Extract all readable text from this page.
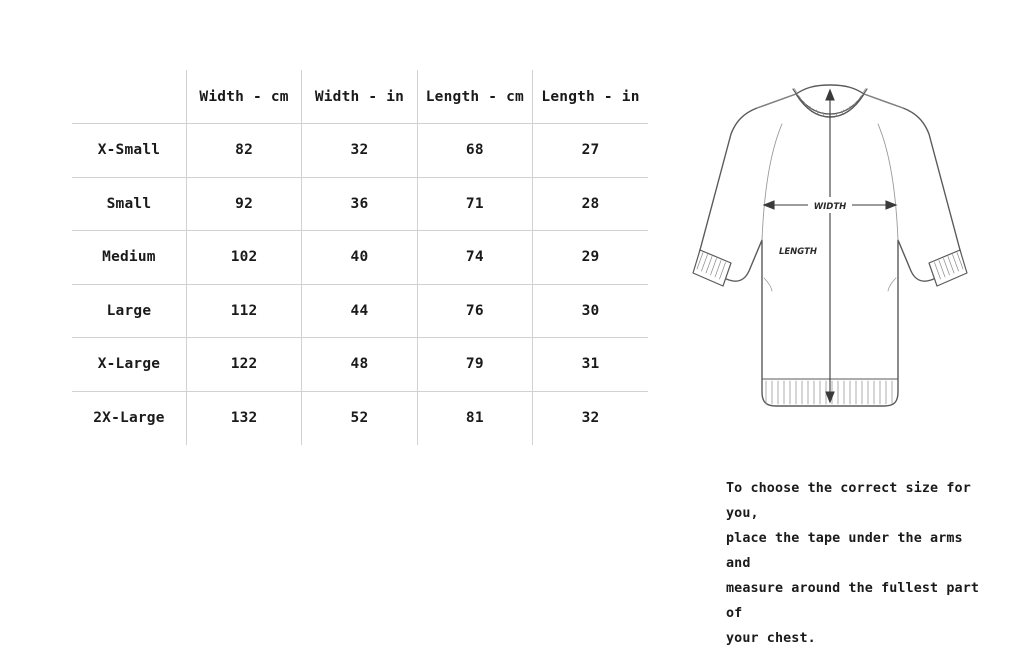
	Width - cm	Width - in	Length - cm	Length - in
X-Small	82	32	68	27
Small	92	36	71	28
Medium	102	40	74	29
Large	112	44	76	30
X-Large	122	48	79	31
2X-Large	132	52	81	32
WIDTH
LENGTH
To choose the correct size for you,
place the tape under the arms and
measure around the fullest part of
your chest.
